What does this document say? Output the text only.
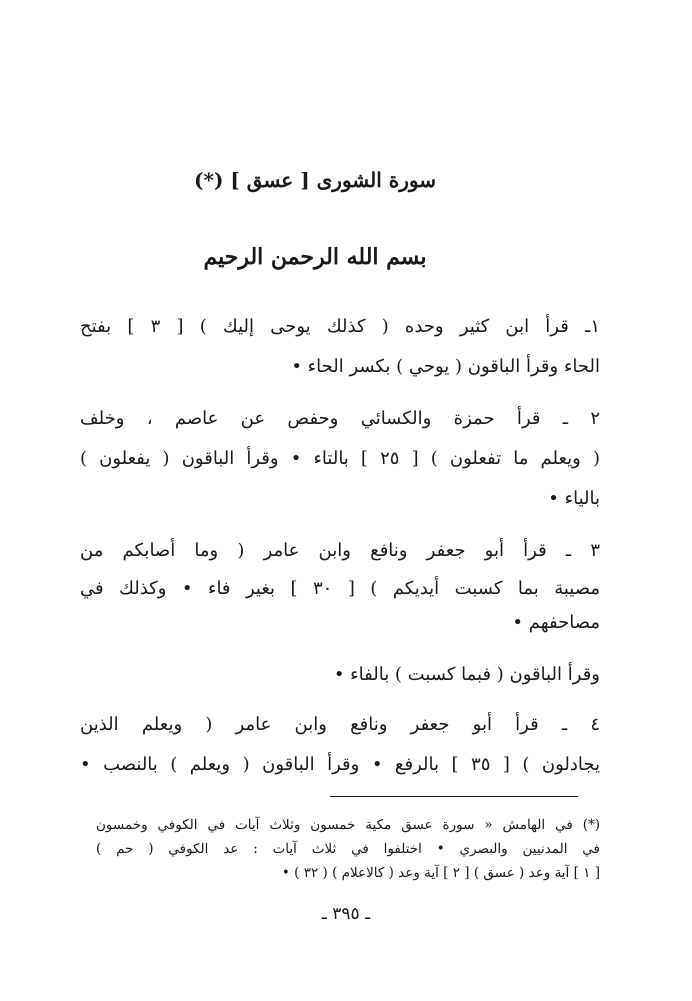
سورة الشورى [ عسق ] (*)
بسم الله الرحمن الرحيم
١ـ قرأ ابن كثير وحده ( كذلك يوحى إليك ) [ ٣ ] بفتح
الحاء وقرأ الباقون ( يوحي ) بكسر الحاء •
٢ ـ قرأ حمزة والكسائي وحفص عن عاصم ، وخلف
( ويعلم ما تفعلون ) [ ٢٥ ] بالتاء • وقرأ الباقون ( يفعلون )
بالياء •
٣ ـ قرأ أبو جعفر ونافع وابن عامر ( وما أصابكم من
مصيبة بما كسبت أيديكم ) [ ٣٠ ] بغير فاء • وكذلك في
مصاحفهم •
وقرأ الباقون ( فبما كسبت ) بالفاء •
٤ ـ قرأ أبو جعفر ونافع وابن عامر ( ويعلم الذين
يجادلون ) [ ٣٥ ] بالرفع • وقرأ الباقون ( ويعلم ) بالنصب •
(*) في الهامش « سورة عسق مكية خمسون وثلاث آيات في الكوفي وخمسون
في المدنيين والبصري • اختلفوا في ثلاث آيات : عد الكوفي ( حم )
[ ١ ] آية وعد ( عسق ) [ ٢ ] آية وعد ( كالاعلام ) ( ٣٢ ) •
ـ ٣٩٥ ـ
